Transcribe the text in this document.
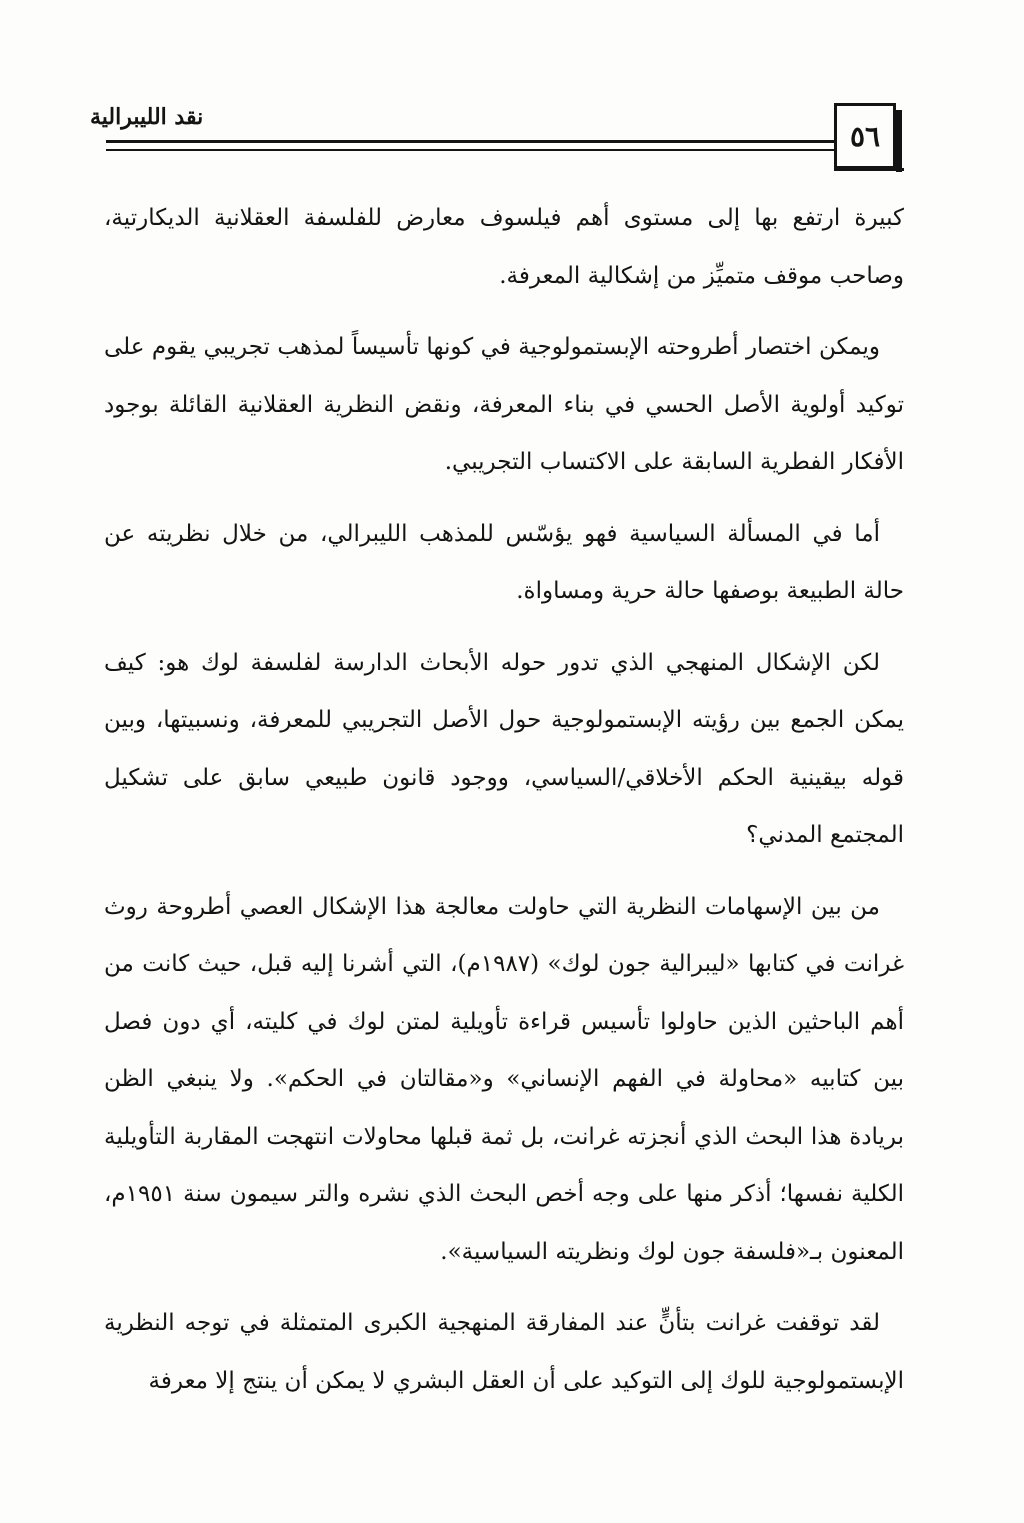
نقد الليبرالية
٥٦

كبيرة ارتفع بها إلى مستوى أهم فيلسوف معارض للفلسفة العقلانية الديكارتية، وصاحب موقف متميِّز من إشكالية المعرفة.

ويمكن اختصار أطروحته الإبستمولوجية في كونها تأسيساً لمذهب تجريبي يقوم على توكيد أولوية الأصل الحسي في بناء المعرفة، ونقض النظرية العقلانية القائلة بوجود الأفكار الفطرية السابقة على الاكتساب التجريبي.

أما في المسألة السياسية فهو يؤسّس للمذهب الليبرالي، من خلال نظريته عن حالة الطبيعة بوصفها حالة حرية ومساواة.

لكن الإشكال المنهجي الذي تدور حوله الأبحاث الدارسة لفلسفة لوك هو: كيف يمكن الجمع بين رؤيته الإبستمولوجية حول الأصل التجريبي للمعرفة، ونسبيتها، وبين قوله بيقينية الحكم الأخلاقي/السياسي، ووجود قانون طبيعي سابق على تشكيل المجتمع المدني؟

من بين الإسهامات النظرية التي حاولت معالجة هذا الإشكال العصي أطروحة روث غرانت في كتابها «ليبرالية جون لوك» (١٩٨٧م)، التي أشرنا إليه قبل، حيث كانت من أهم الباحثين الذين حاولوا تأسيس قراءة تأويلية لمتن لوك في كليته، أي دون فصل بين كتابيه «محاولة في الفهم الإنساني» و«مقالتان في الحكم». ولا ينبغي الظن بريادة هذا البحث الذي أنجزته غرانت، بل ثمة قبلها محاولات انتهجت المقاربة التأويلية الكلية نفسها؛ أذكر منها على وجه أخص البحث الذي نشره والتر سيمون سنة ١٩٥١م، المعنون بـ«فلسفة جون لوك ونظريته السياسية».

لقد توقفت غرانت بتأنٍّ عند المفارقة المنهجية الكبرى المتمثلة في توجه النظرية الإبستمولوجية للوك إلى التوكيد على أن العقل البشري لا يمكن أن ينتج إلا معرفة
